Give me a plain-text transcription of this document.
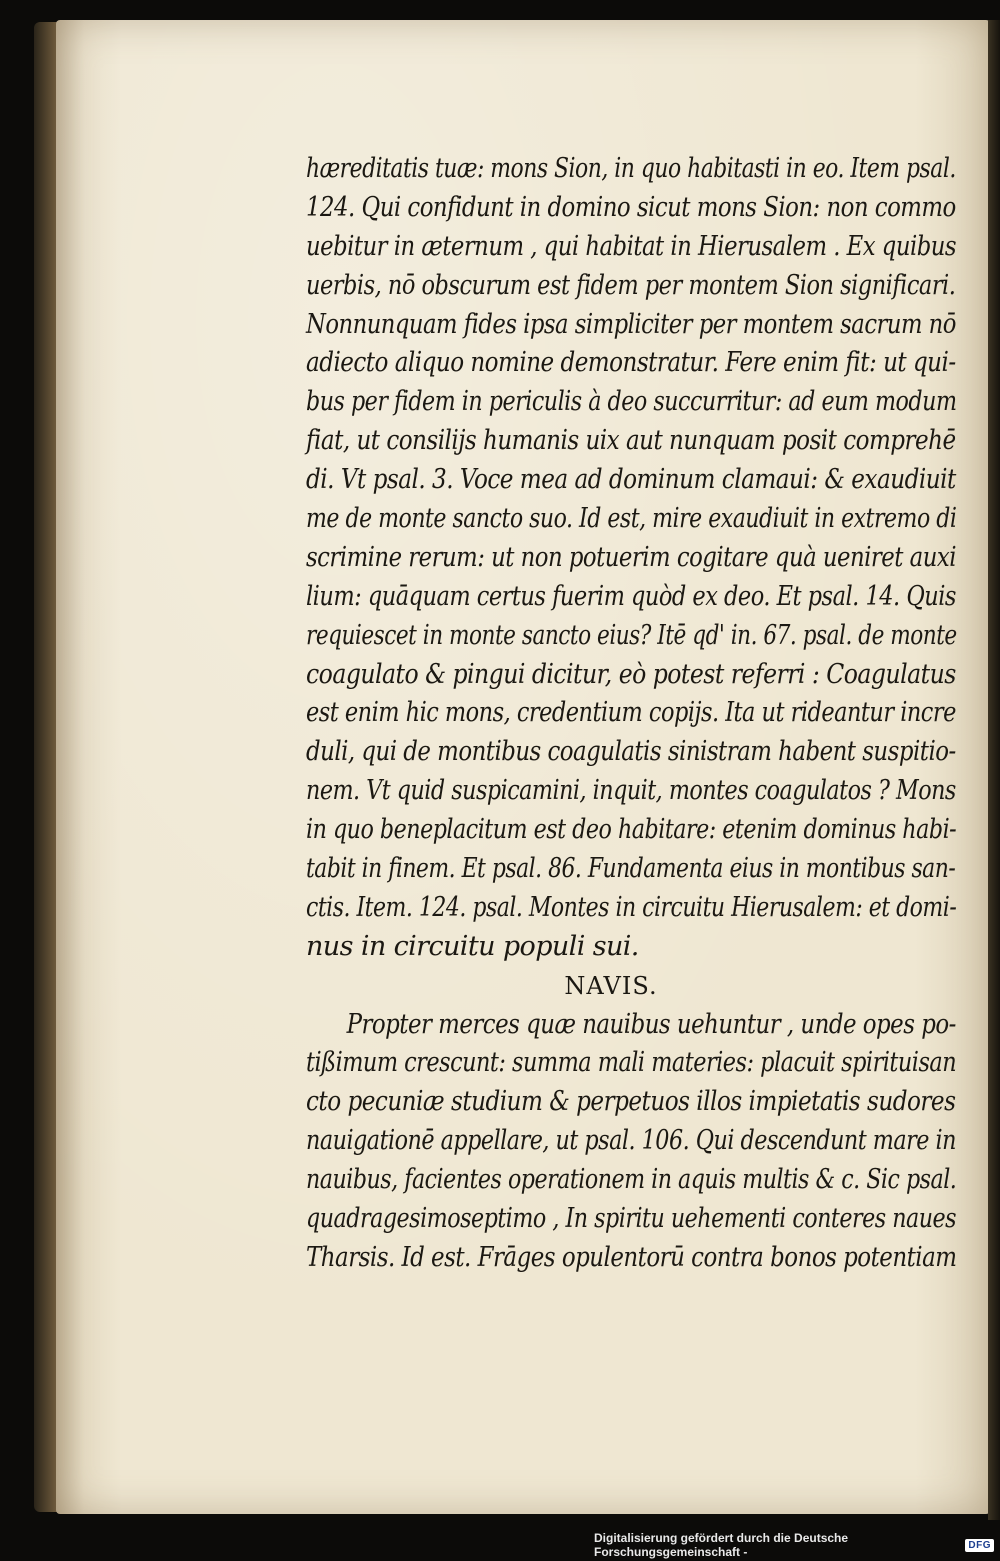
hæreditatis tuæ: mons Sion, in quo habitasti in eo. Item psal.
124. Qui confidunt in domino sicut mons Sion: non commo
uebitur in æternum , qui habitat in Hierusalem . Ex quibus
uerbis, nō obscurum est fidem per montem Sion significari.
Nonnunquam fides ipsa simpliciter per montem sacrum nō
adiecto aliquo nomine demonstratur. Fere enim fit: ut qui-
bus per fidem in periculis à deo succurritur: ad eum modum
fiat, ut consilijs humanis uix aut nunquam posit comprehē
di. Vt psal. 3. Voce mea ad dominum clamaui: & exaudiuit
me de monte sancto suo. Id est, mire exaudiuit in extremo di
scrimine rerum: ut non potuerim cogitare quà ueniret auxi
lium: quāquam certus fuerim quòd ex deo. Et psal. 14. Quis
requiescet in monte sancto eius? Itē qd' in. 67. psal. de monte
coagulato & pingui dicitur, eò potest referri : Coagulatus
est enim hic mons, credentium copijs. Ita ut rideantur incre
duli, qui de montibus coagulatis sinistram habent suspitio-
nem. Vt quid suspicamini, inquit, montes coagulatos ? Mons
in quo beneplacitum est deo habitare: etenim dominus habi-
tabit in finem. Et psal. 86. Fundamenta eius in montibus san-
ctis. Item. 124. psal. Montes in circuitu Hierusalem: et domi-
nus in circuitu populi sui.
NAVIS.
Propter merces quæ nauibus uehuntur , unde opes po-
tißimum crescunt: summa mali materies: placuit spirituisan
cto pecuniæ studium & perpetuos illos impietatis sudores
nauigationē appellare, ut psal. 106. Qui descendunt mare in
nauibus, facientes operationem in aquis multis & c. Sic psal.
quadragesimoseptimo , In spiritu uehementi conteres naues
Tharsis. Id est. Frāges opulentorū contra bonos potentiam
Digitalisierung gefördert durch die Deutsche Forschungsgemeinschaft -	DFG
